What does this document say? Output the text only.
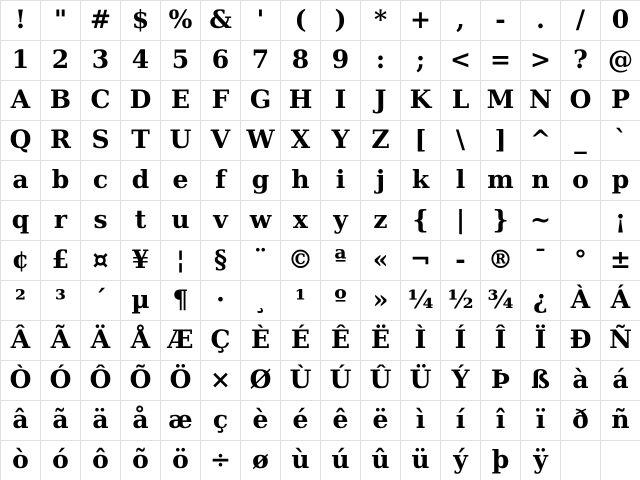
!	" # $ % & '	(	)	* +	,	-	.	/	0
1 2 3 4 5 6 7 8 9	:	; < = > ? @
A B C D E F G H I	J K L M N O P
Q R S T U V W X Y Z [	\	] ^ _	`
a b c d e	f	g h	i	j	k	l m n o p
q r	s	t	u v w x	y	z {	|	} ~	¡
¢ £ ¤ ¥	¦	§	¨ © ª	« ¬ - ® ¯	° ±
²	³	´ µ ¶	·	¸	¹	º	» ¼ ½ ¾ ¿ À Á
Â Ã Ä Å Æ Ç È É Ê Ë Ì	Í	Î	Ï Ð Ñ
Ò Ó Ô Õ Ö × Ø Ù Ú Û Ü Ý Þ ß à á
â ã ä å æ ç è é ê ë	ì	í	î	ï	ð ñ
ò ó ô õ ö ÷ ø ù ú û ü ý þ ÿ
